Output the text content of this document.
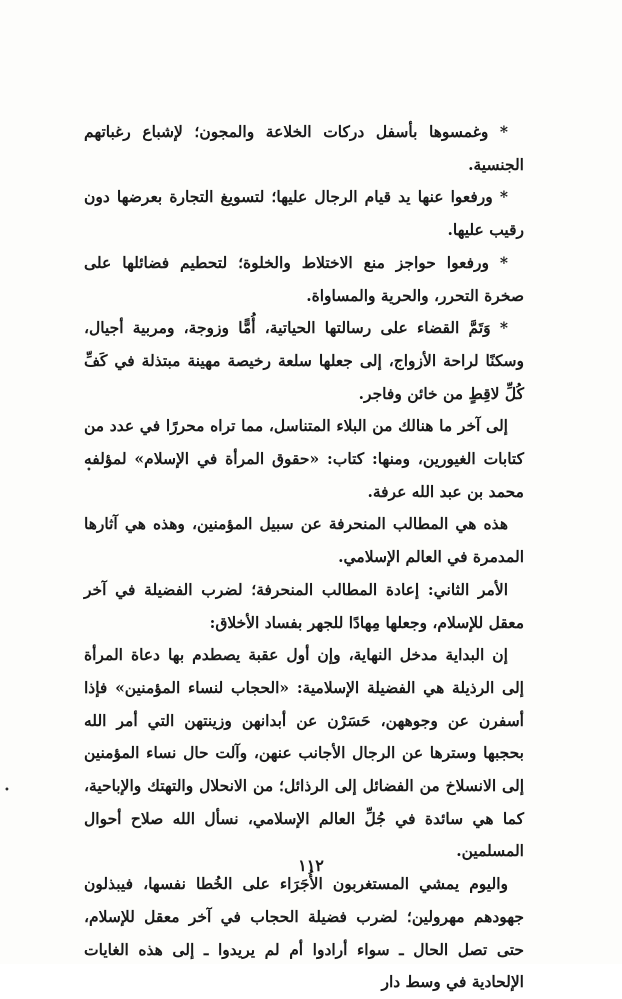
* وغمسوها بأسفل دركات الخلاعة والمجون؛ لإشباع رغباتهم الجنسية.

* ورفعوا عنها يد قيام الرجال عليها؛ لتسويغ التجارة بعرضها دون رقيب عليها.

* ورفعوا حواجز منع الاختلاط والخلوة؛ لتحطيم فضائلها على صخرة التحرر، والحرية والمساواة.

* وَتَمَّ القضاء على رسالتها الحياتية، أُمًّا وزوجة، ومربية أجيال، وسكنًا لراحة الأزواج، إلى جعلها سلعة رخيصة مهينة مبتذلة في كَفِّ كُلِّ لاقِطٍ من خائن وفاجر.

إلى آخر ما هنالك من البلاء المتناسل، مما تراه محررًا في عدد من كتابات الغيورين، ومنها: كتاب: «حقوق المرأة في الإسلام» لمؤلفه محمد بن عبد الله عرفة.

هذه هي المطالب المنحرفة عن سبيل المؤمنين، وهذه هي آثارها المدمرة في العالم الإسلامي.

الأمر الثاني: إعادة المطالب المنحرفة؛ لضرب الفضيلة في آخر معقل للإسلام، وجعلها مِهادًا للجهر بفساد الأخلاق:

إن البداية مدخل النهاية، وإن أول عقبة يصطدم بها دعاة المرأة إلى الرذيلة هي الفضيلة الإسلامية: «الحجاب لنساء المؤمنين» فإذا أسفرن عن وجوههن، حَسَرْن عن أبدانهن وزينتهن التي أمر الله بحجبها وسترها عن الرجال الأجانب عنهن، وآلت حال نساء المؤمنين إلى الانسلاخ من الفضائل إلى الرذائل؛ من الانحلال والتهتك والإباحية، كما هي سائدة في جُلِّ العالم الإسلامي، نسأل الله صلاح أحوال المسلمين.

واليوم يمشي المستغربون الأُجَرَاء على الخُطا نفسها، فيبذلون جهودهم مهرولين؛ لضرب فضيلة الحجاب في آخر معقل للإسلام، حتى تصل الحال ـ سواء أرادوا أم لم يريدوا ـ إلى هذه الغايات الإلحادية في وسط دار

•
•
١١٢
